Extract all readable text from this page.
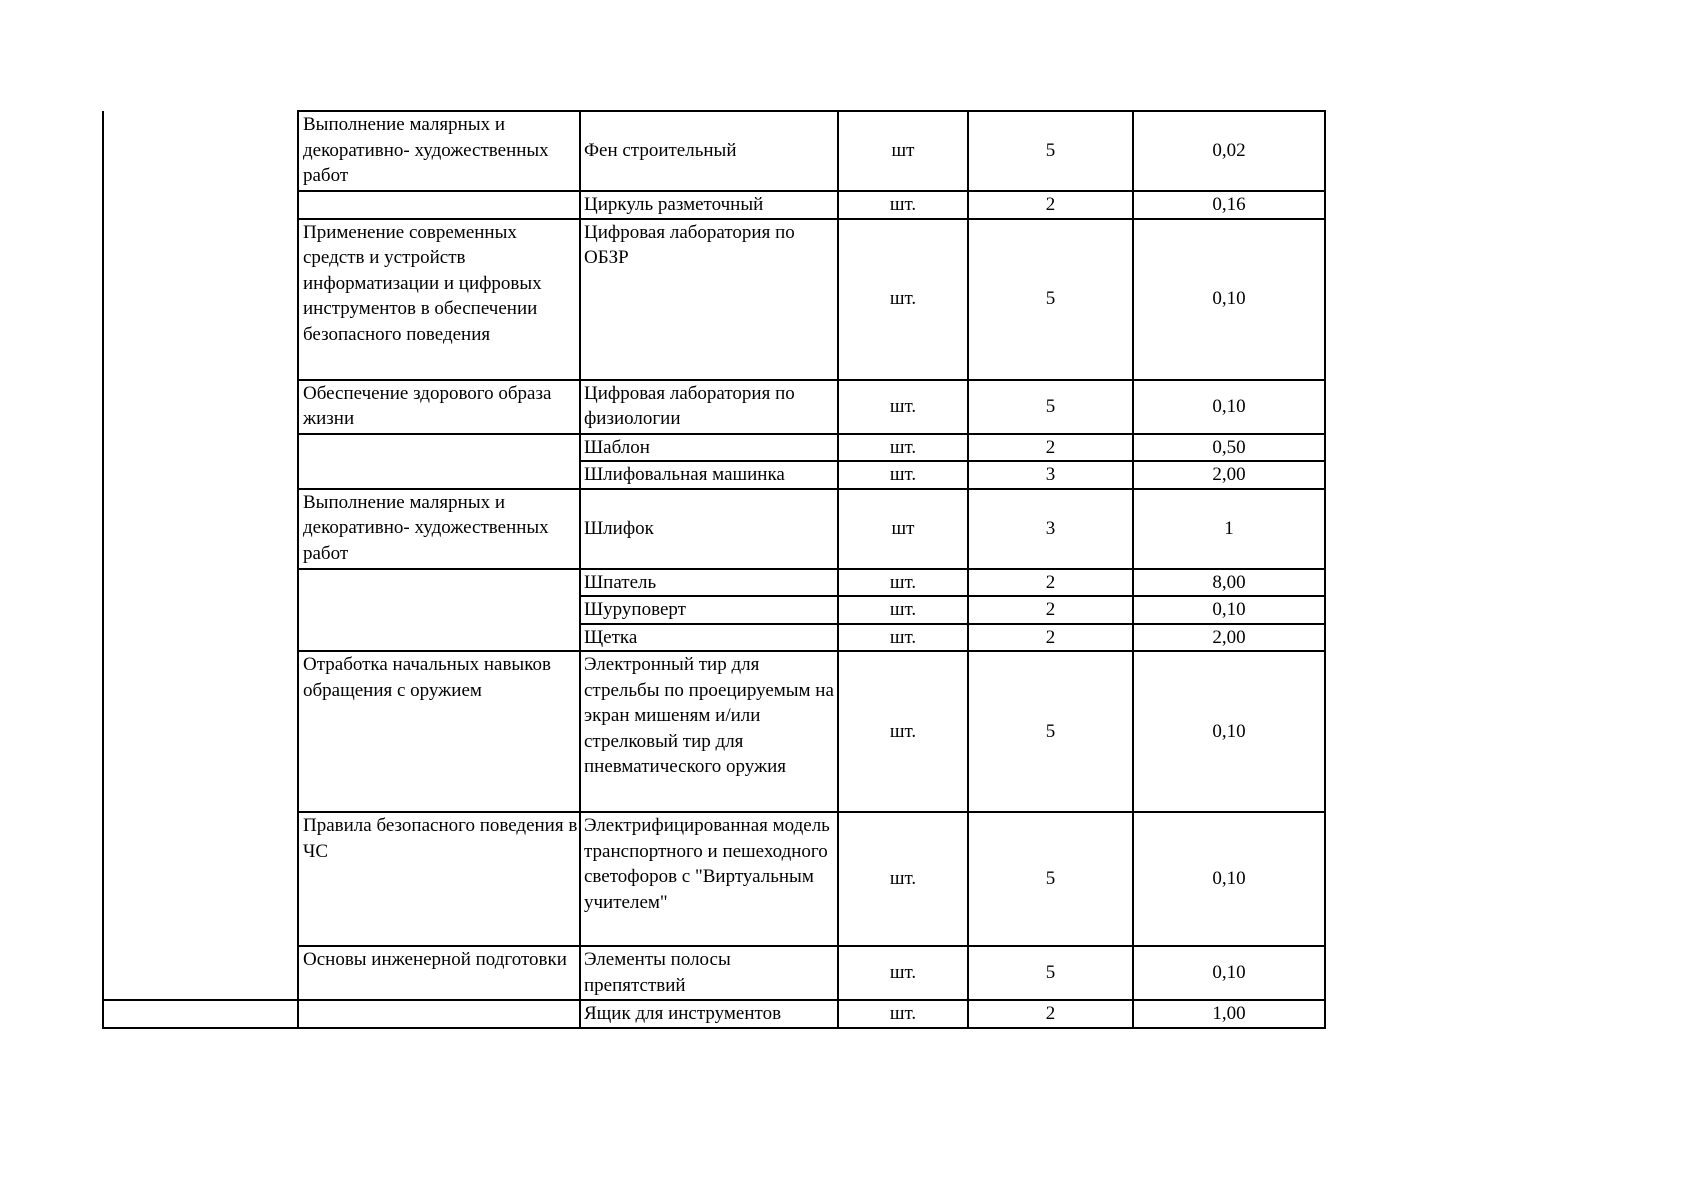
	Выполнение малярных и декоративно- художественных работ	Фен строительный	шт	5	0,02
		Циркуль разметочный	шт.	2	0,16
	Применение современных средств и устройств информатизации и цифровых инструментов в обеспечении безопасного поведения	Цифровая лаборатория по ОБЗР	шт.	5	0,10
	Обеспечение здорового образа жизни	Цифровая лаборатория по физиологии	шт.	5	0,10
		Шаблон	шт.	2	0,50
		Шлифовальная машинка	шт.	3	2,00
	Выполнение малярных и декоративно- художественных работ	Шлифок	шт	3	1
		Шпатель	шт.	2	8,00
		Шуруповерт	шт.	2	0,10
		Щетка	шт.	2	2,00
	Отработка начальных навыков обращения с оружием	Электронный тир для стрельбы по проецируемым на экран мишеням и/или стрелковый тир для пневматического оружия	шт.	5	0,10
	Правила безопасного поведения в ЧС	Электрифицированная модель транспортного и пешеходного светофоров с "Виртуальным учителем"	шт.	5	0,10
	Основы инженерной подготовки	Элементы полосы препятствий	шт.	5	0,10
		Ящик для инструментов	шт.	2	1,00
